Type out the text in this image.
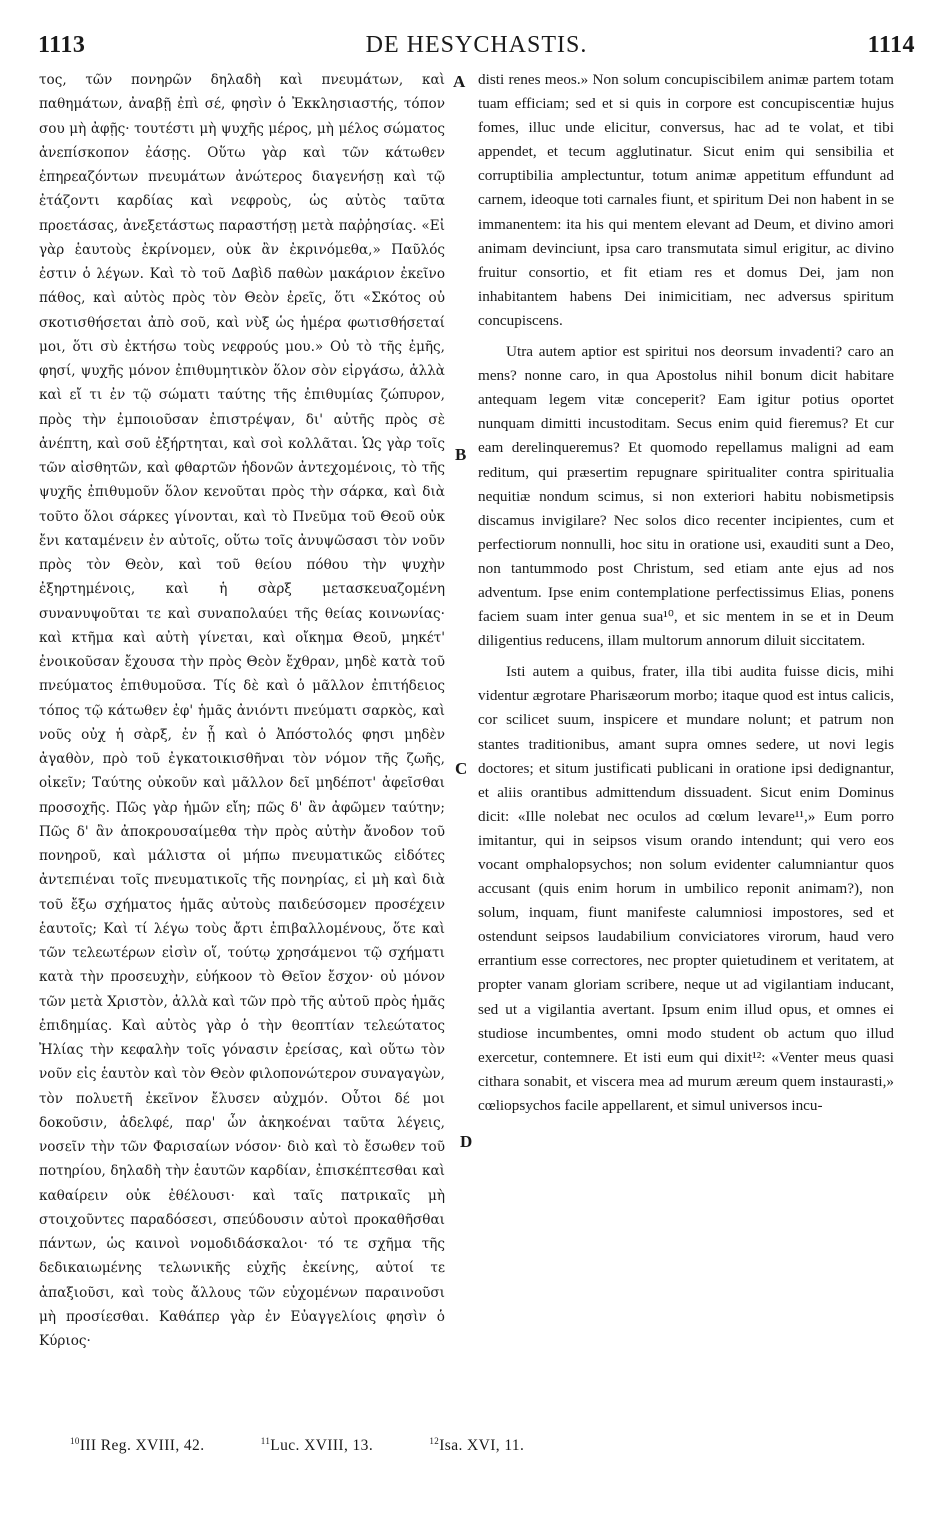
DE HESYCHASTIS.
1113	1114

τος, τῶν πονηρῶν δηλαδὴ καὶ πνευμάτων, καὶ παθημάτων, ἀναβῇ ἐπὶ σέ, φησὶν ὁ Ἐκκλησιαστής, τόπον σου μὴ ἀφῇς· τουτέστι μὴ ψυχῆς μέρος, μὴ μέλος σώματος ἀνεπίσκοπον ἐάσῃς. Οὕτω γὰρ καὶ τῶν κάτωθεν ἐπηρεαζόντων πνευμάτων ἀνώτερος διαγενήσῃ καὶ τῷ ἐτάζοντι καρδίας καὶ νεφροὺς, ὡς αὐτὸς ταῦτα προετάσας, ἀνεξετάστως παραστήσῃ μετὰ παῤῥησίας. «Εἰ γὰρ ἑαυτοὺς ἐκρίνομεν, οὐκ ἂν ἐκρινόμεθα,» Παῦλός ἐστιν ὁ λέγων. Καὶ τὸ τοῦ Δαβὶδ παθὼν μακάριον ἐκεῖνο πάθος, καὶ αὐτὸς πρὸς τὸν Θεὸν ἐρεῖς, ὅτι «Σκότος οὐ σκοτισθήσεται ἀπὸ σοῦ, καὶ νὺξ ὡς ἡμέρα φωτισθήσεταί μοι, ὅτι σὺ ἐκτήσω τοὺς νεφρούς μου.» Οὐ τὸ τῆς ἐμῆς, φησί, ψυχῆς μόνον ἐπιθυμητικὸν ὅλον σὸν εἰργάσω, ἀλλὰ καὶ εἴ τι ἐν τῷ σώματι ταύτης τῆς ἐπιθυμίας ζώπυρον, πρὸς τὴν ἐμποιοῦσαν ἐπιστρέψαν, δι' αὐτῆς πρὸς σὲ ἀνέπτη, καὶ σοῦ ἐξήρτηται, καὶ σοὶ κολλᾶται. Ὡς γὰρ τοῖς τῶν αἰσθητῶν, καὶ φθαρτῶν ἡδονῶν ἀντεχομένοις, τὸ τῆς ψυχῆς ἐπιθυμοῦν ὅλον κενοῦται πρὸς τὴν σάρκα, καὶ διὰ τοῦτο ὅλοι σάρκες γίνονται, καὶ τὸ Πνεῦμα τοῦ Θεοῦ οὐκ ἔνι καταμένειν ἐν αὐτοῖς, οὕτω τοῖς ἀνυψῶσασι τὸν νοῦν πρὸς τὸν Θεὸν, καὶ τοῦ θείου πόθου τὴν ψυχὴν ἐξηρτημένοις, καὶ ἡ σὰρξ μετασκευαζομένη συνανυψοῦται τε καὶ συναπολαύει τῆς θείας κοινωνίας· καὶ κτῆμα καὶ αὐτὴ γίνεται, καὶ οἴκημα Θεοῦ, μηκέτ' ἐνοικοῦσαν ἔχουσα τὴν πρὸς Θεὸν ἔχθραν, μηδὲ κατὰ τοῦ πνεύματος ἐπιθυμοῦσα. Τίς δὲ καὶ ὁ μᾶλλον ἐπιτήδειος τόπος τῷ κάτωθεν ἐφ' ἡμᾶς ἀνιόντι πνεύματι σαρκὸς, καὶ νοῦς οὐχ ἡ σὰρξ, ἐν ᾗ καὶ ὁ Ἀπόστολός φησι μηδὲν ἀγαθὸν, πρὸ τοῦ ἐγκατοικισθῆναι τὸν νόμον τῆς ζωῆς, οἰκεῖν; Ταύτης οὐκοῦν καὶ μᾶλλον δεῖ μηδέποτ' ἀφεῖσθαι προσοχῆς. Πῶς γὰρ ἡμῶν εἴη; πῶς δ' ἂν ἀφῶμεν ταύτην; Πῶς δ' ἂν ἀποκρουσαίμεθα τὴν πρὸς αὐτὴν ἄνοδον τοῦ πονηροῦ, καὶ μάλιστα οἱ μήπω πνευματικῶς εἰδότες ἀντεπιέναι τοῖς πνευματικοῖς τῆς πονηρίας, εἰ μὴ καὶ διὰ τοῦ ἔξω σχήματος ἡμᾶς αὐτοὺς παιδεύσομεν προσέχειν ἑαυτοῖς; Καὶ τί λέγω τοὺς ἄρτι ἐπιβαλλομένους, ὅτε καὶ τῶν τελεωτέρων εἰσὶν οἵ, τούτῳ χρησάμενοι τῷ σχήματι κατὰ τὴν προσευχὴν, εὐήκοον τὸ Θεῖον ἔσχον· οὐ μόνον τῶν μετὰ Χριστὸν, ἀλλὰ καὶ τῶν πρὸ τῆς αὐτοῦ πρὸς ἡμᾶς ἐπιδημίας. Καὶ αὐτὸς γὰρ ὁ τὴν θεοπτίαν τελεώτατος Ἠλίας τὴν κεφαλὴν τοῖς γόνασιν ἐρείσας, καὶ οὕτω τὸν νοῦν εἰς ἑαυτὸν καὶ τὸν Θεὸν φιλοπονώτερον συναγαγὼν, τὸν πολυετῆ ἐκεῖνον ἔλυσεν αὐχμόν. Οὗτοι δέ μοι δοκοῦσιν, ἀδελφέ, παρ' ὧν ἀκηκοέναι ταῦτα λέγεις, νοσεῖν τὴν τῶν Φαρισαίων νόσον· διὸ καὶ τὸ ἔσωθεν τοῦ ποτηρίου, δηλαδὴ τὴν ἑαυτῶν καρδίαν, ἐπισκέπτεσθαι καὶ καθαίρειν οὐκ ἐθέλουσι· καὶ ταῖς πατρικαῖς μὴ στοιχοῦντες παραδόσεσι, σπεύδουσιν αὐτοὶ προκαθῆσθαι πάντων, ὡς καινοὶ νομοδιδάσκαλοι· τό τε σχῆμα τῆς δεδικαιωμένης τελωνικῆς εὐχῆς ἐκείνης, αὐτοί τε ἀπαξιοῦσι, καὶ τοὺς ἄλλους τῶν εὐχομένων παραινοῦσι μὴ προσίεσθαι. Καθάπερ γὰρ ἐν Εὐαγγελίοις φησὶν ὁ Κύριος·

A
B
C
D

disti renes meos.» Non solum concupiscibilem animæ partem totam tuam efficiam; sed et si quis in corpore est concupiscentiæ hujus fomes, illuc unde elicitur, conversus, hac ad te volat, et tibi appendet, et tecum agglutinatur. Sicut enim qui sensibilia et corruptibilia amplectuntur, totum animæ appetitum effundunt ad carnem, ideoque toti carnales fiunt, et spiritum Dei non habent in se immanentem: ita his qui mentem elevant ad Deum, et divino amori animam devinciunt, ipsa caro transmutata simul erigitur, ac divino fruitur consortio, et fit etiam res et domus Dei, jam non inhabitantem habens Dei inimicitiam, nec adversus spiritum concupiscens.

Utra autem aptior est spiritui nos deorsum invadenti? caro an mens? nonne caro, in qua Apostolus nihil bonum dicit habitare antequam legem vitæ conceperit? Eam igitur potius oportet nunquam dimitti incustoditam. Secus enim quid fieremus? Et cur eam derelinqueremus? Et quomodo repellamus maligni ad eam reditum, qui præsertim repugnare spiritualiter contra spiritualia nequitiæ nondum scimus, si non exteriori habitu nobismetipsis discamus invigilare? Nec solos dico recenter incipientes, cum et perfectiorum nonnulli, hoc situ in oratione usi, exauditi sunt a Deo, non tantummodo post Christum, sed etiam ante ejus ad nos adventum. Ipse enim contemplatione perfectissimus Elias, ponens faciem suam inter genua sua¹⁰, et sic mentem in se et in Deum diligentius reducens, illam multorum annorum diluit siccitatem.

Isti autem a quibus, frater, illa tibi audita fuisse dicis, mihi videntur ægrotare Pharisæorum morbo; itaque quod est intus calicis, cor scilicet suum, inspicere et mundare nolunt; et patrum non stantes traditionibus, amant supra omnes sedere, ut novi legis doctores; et situm justificati publicani in oratione ipsi dedignantur, et aliis orantibus admittendum dissuadent. Sicut enim Dominus dicit: «Ille nolebat nec oculos ad cœlum levare¹¹,» Eum porro imitantur, qui in seipsos visum orando intendunt; qui vero eos vocant omphalopsychos; non solum evidenter calumniantur quos accusant (quis enim horum in umbilico reponit animam?), non solum, inquam, fiunt manifeste calumniosi impostores, sed et ostendunt seipsos laudabilium conviciatores virorum, haud vero errantium esse correctores, nec propter quietudinem et veritatem, at propter vanam gloriam scribere, neque ut ad vigilantiam inducant, sed ut a vigilantia avertant. Ipsum enim illud opus, et omnes ei studiose incumbentes, omni modo student ob actum quo illud exercetur, contemnere. Et isti eum qui dixit¹²: «Venter meus quasi cithara sonabit, et viscera mea ad murum æreum quem instaurasti,» cœliopsychos facile appellarent, et simul universos incu-

$^{10}$III Reg. XVIII, 42.	$^{11}$Luc. XVIII, 13.	$^{12}$Isa. XVI, 11.
